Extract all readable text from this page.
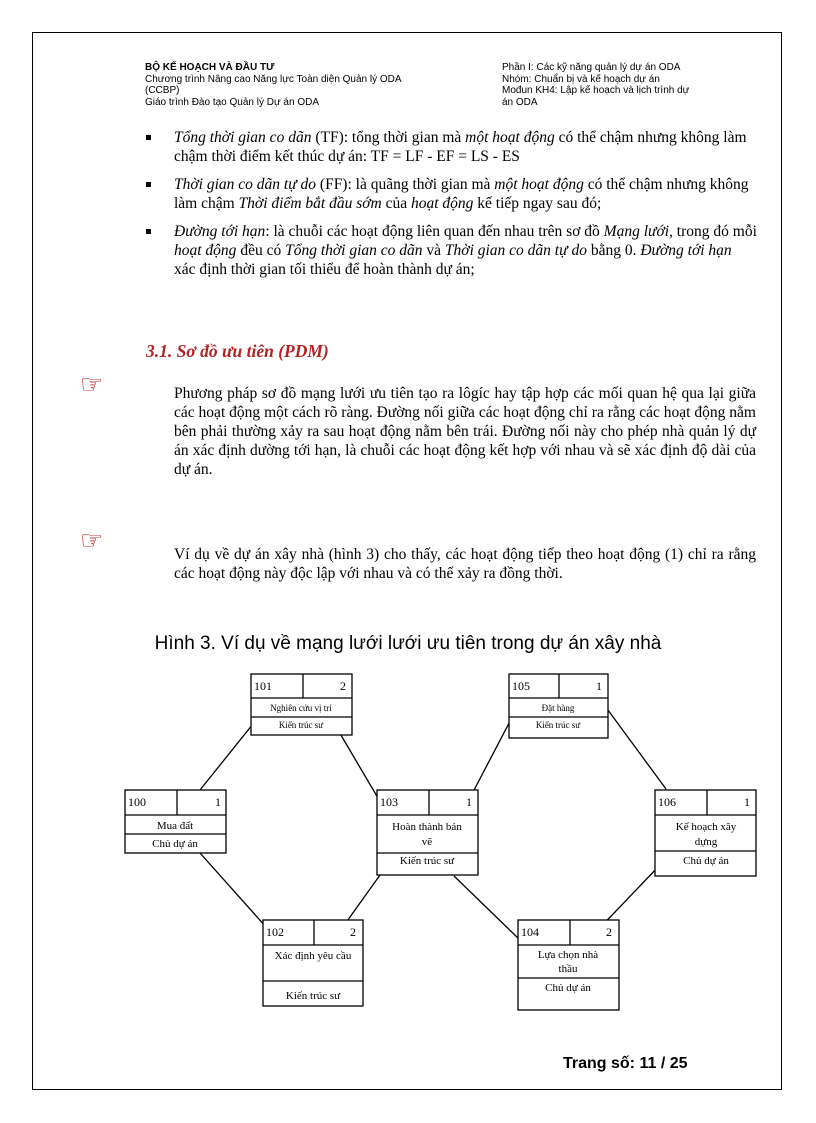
BỘ KẾ HOẠCH VÀ ĐẦU TƯ
Chương trình Nâng cao Năng lực Toàn diện Quản lý ODA
(CCBP)
Giáo trình Đào tạo Quản lý Dự án ODA
Phần I: Các kỹ năng quản lý dự án ODA
Nhóm: Chuẩn bị và kế hoạch dự án
Mođun KH4: Lập kế hoạch và lịch trình dự
án ODA
Tổng thời gian co dãn (TF): tổng thời gian mà một hoạt động có thể chậm nhưng không làm chậm thời điểm kết thúc dự án: TF = LF - EF = LS - ES
Thời gian co dãn tự do (FF): là quãng thời gian mà một hoạt động có thể chậm nhưng không làm chậm Thời điểm bắt đầu sớm của hoạt động kế tiếp ngay sau đó;
Đường tới hạn: là chuỗi các hoạt động liên quan đến nhau trên sơ đồ Mạng lưới, trong đó mỗi hoạt động đều có Tổng thời gian co dãn và Thời gian co dãn tự do bằng 0. Đường tới hạn xác định thời gian tối thiểu để hoàn thành dự án;
3.1. Sơ đồ ưu tiên (PDM)
☞	Phương pháp sơ đồ mạng lưới ưu tiên tạo ra lôgíc hay tập hợp các mối quan hệ qua lại giữa các hoạt động một cách rõ ràng. Đường nối giữa các hoạt động chỉ ra rằng các hoạt động nằm bên phải thường xảy ra sau hoạt động nằm bên trái. Đường nối này cho phép nhà quản lý dự án xác định dường tới hạn, là chuỗi các hoạt động kết hợp với nhau và sẽ xác định độ dài của dự án.
☞	Ví dụ về dự án xây nhà (hình 3) cho thấy, các hoạt động tiếp theo hoạt động (1) chỉ ra rằng các hoạt động này độc lập với nhau và có thể xảy ra đồng thời.
Hình 3. Ví dụ về mạng lưới lưới ưu tiên trong dự án xây nhà
100	1
Mua đất
Chủ dự án
101	2
Nghiên cứu vị trí
Kiến trúc sư
102	2
Xác định yêu cầu
Kiến trúc sư
103	1
Hoàn thành bản
vẽ
Kiến trúc sư
104	2
Lựa chọn nhà
thầu
Chủ dự án
105	1
Đặt hàng
Kiến trúc sư
106	1
Kế hoạch xây
dựng
Chủ dự án
Trang số: 11 / 25
